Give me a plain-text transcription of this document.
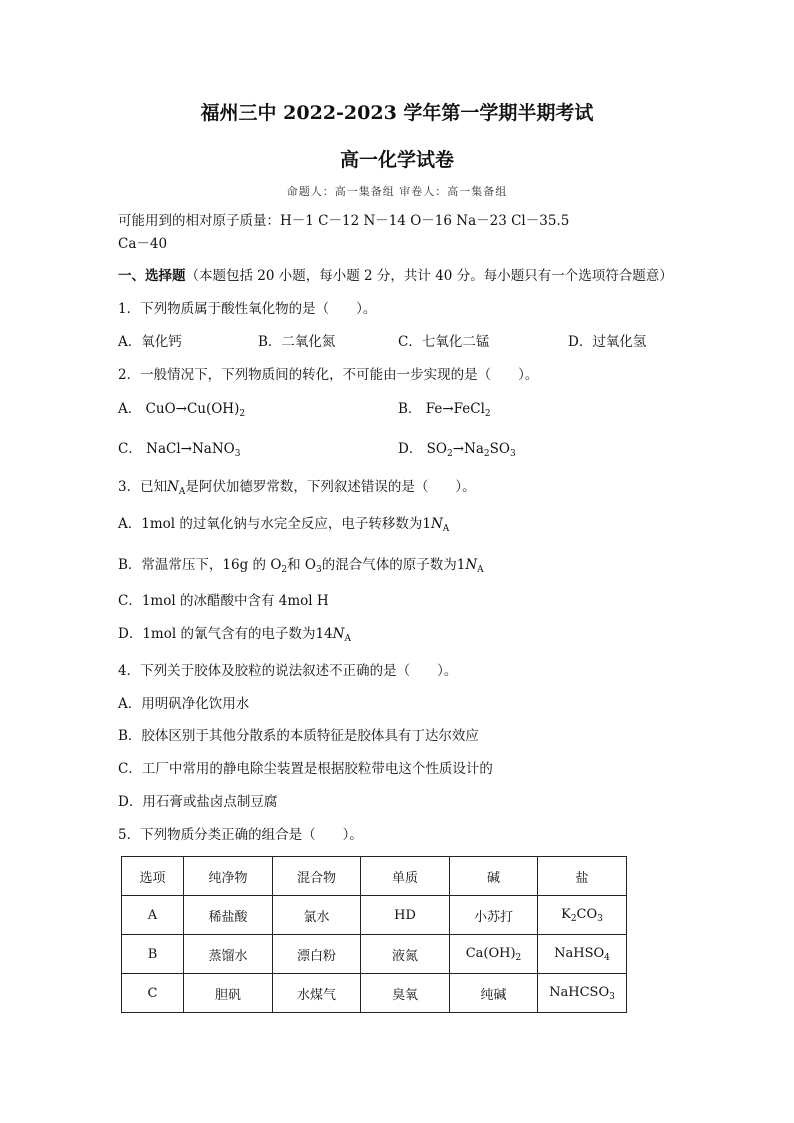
福州三中 2022-2023 学年第一学期半期考试
高一化学试卷
命题人：高一集备组 审卷人：高一集备组
可能用到的相对原子质量：H－1 C－12 N－14 O－16 Na－23 Cl－35.5
Ca－40
一、选择题（本题包括 20 小题，每小题 2 分，共计 40 分。每小题只有一个选项符合题意）
1．下列物质属于酸性氧化物的是（　　）。
A．氧化钙	B．二氧化氮	C．七氧化二锰	D．过氧化氢
2．一般情况下，下列物质间的转化，不可能由一步实现的是（　　）。
A． $CuO\to Cu(OH)_2$	B． Fe→FeCl$_2$
C． NaCl→NaNO$_3$	D． $SO_2\to Na_2SO_3$
3．已知$N_A$是阿伏加德罗常数，下列叙述错误的是（　　）。
A．1mol 的过氧化钠与水完全反应，电子转移数为$1N_A$
B．常温常压下，16g 的 $O_2$和 $O_3$的混合气体的原子数为$1N_A$
C．1mol 的冰醋酸中含有 4mol H
D．1mol 的氰气含有的电子数为$14N_A$
4．下列关于胶体及胶粒的说法叙述不正确的是（　　）。
A．用明矾净化饮用水
B．胶体区别于其他分散系的本质特征是胶体具有丁达尔效应
C．工厂中常用的静电除尘装置是根据胶粒带电这个性质设计的
D．用石膏或盐卤点制豆腐
5．下列物质分类正确的组合是（　　）。
选项	纯净物	混合物	单质	碱	盐
A	稀盐酸	氯水	HD	小苏打	$K_2CO_3$
B	蒸馏水	漂白粉	液氮	$Ca(OH)_2$	NaHSO$_4$
C	胆矾	水煤气	臭氧	纯碱	NaHCSO$_3$
